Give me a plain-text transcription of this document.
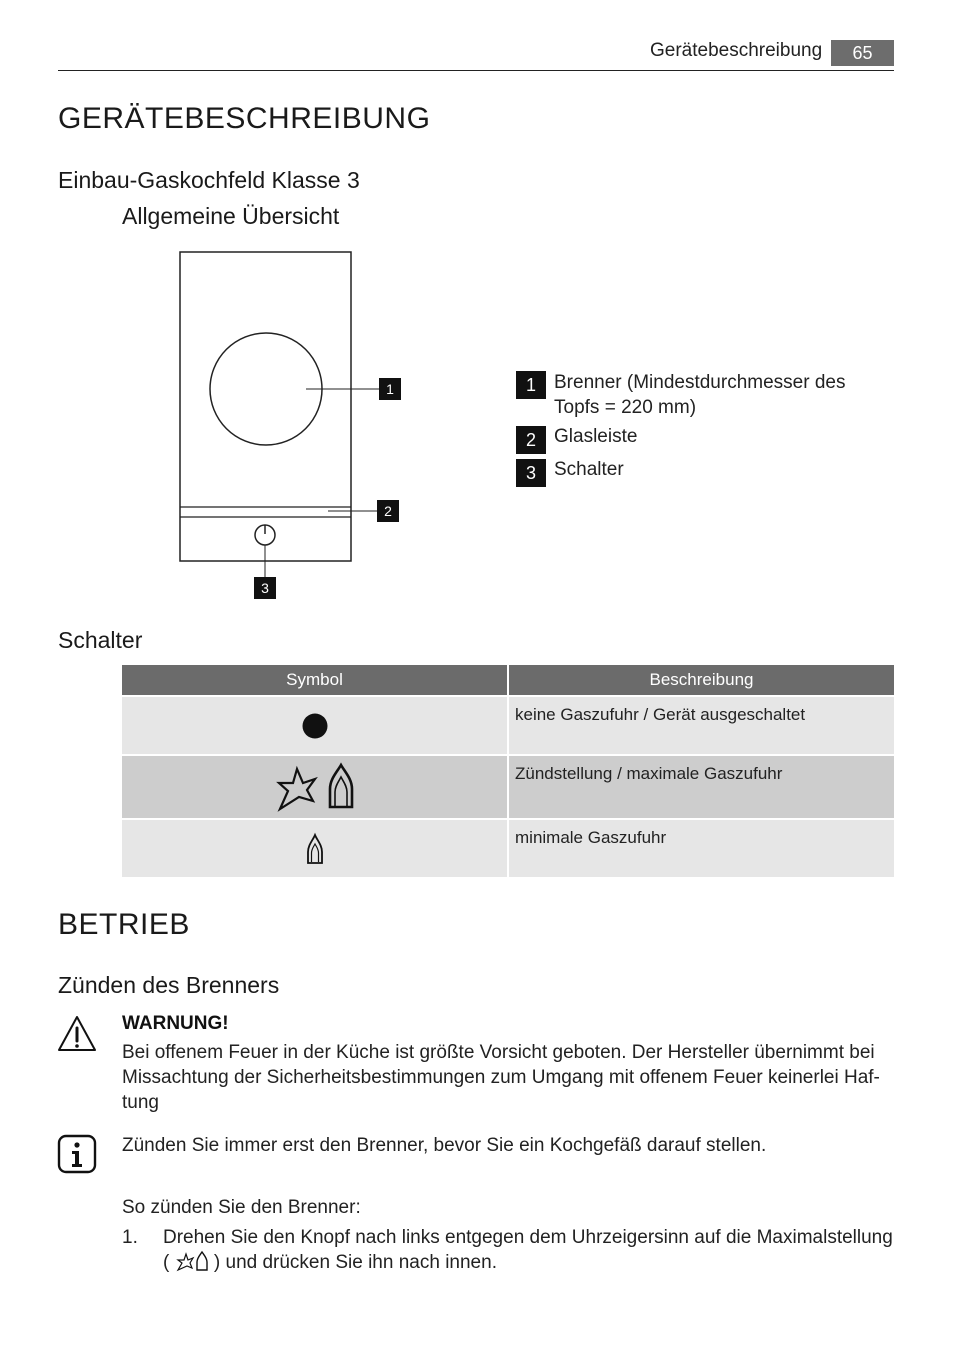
Gerätebeschreibung	65
GERÄTEBESCHREIBUNG
Einbau-Gaskochfeld Klasse 3
Allgemeine Übersicht
1
2
3
1 Brenner (Mindestdurchmesser des Topfs = 220 mm)
2 Glasleiste
3 Schalter
Schalter
Symbol	Beschreibung
keine Gaszufuhr / Gerät ausgeschaltet
Zündstellung / maximale Gaszufuhr
minimale Gaszufuhr
BETRIEB
Zünden des Brenners
WARNUNG!
Bei offenem Feuer in der Küche ist größte Vorsicht geboten. Der Hersteller übernimmt bei Missachtung der Sicherheitsbestimmungen zum Umgang mit offenem Feuer keinerlei Haf- tung
Zünden Sie immer erst den Brenner, bevor Sie ein Kochgefäß darauf stellen.
So zünden Sie den Brenner:
1. Drehen Sie den Knopf nach links entgegen dem Uhrzeigersinn auf die Maximalstellung ( ) und drücken Sie ihn nach innen.
